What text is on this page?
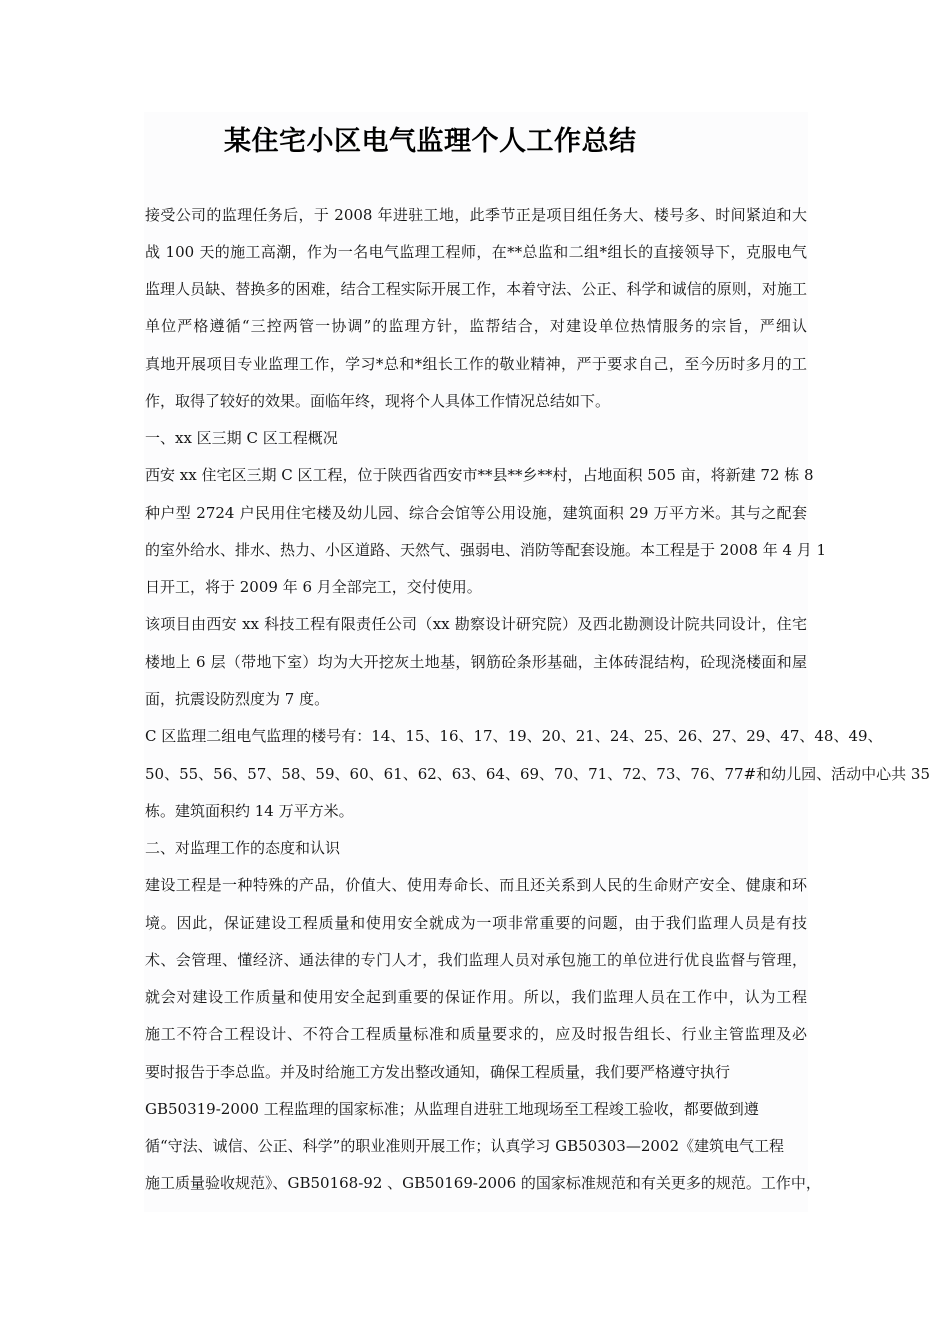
某住宅小区电气监理个人工作总结

接受公司的监理任务后，于 2008 年进驻工地，此季节正是项目组任务大、楼号多、时间紧迫和大

战 100 天的施工高潮，作为一名电气监理工程师，在**总监和二组*组长的直接领导下，克服电气

监理人员缺、替换多的困难，结合工程实际开展工作，本着守法、公正、科学和诚信的原则，对施工

单位严格遵循“三控两管一协调”的监理方针，监帮结合，对建设单位热情服务的宗旨，严细认

真地开展项目专业监理工作，学习*总和*组长工作的敬业精神，严于要求自己，至今历时多月的工

作，取得了较好的效果。面临年终，现将个人具体工作情况总结如下。

一、xx 区三期 C 区工程概况

西安 xx 住宅区三期 C 区工程，位于陕西省西安市**县**乡**村，占地面积 505 亩，将新建 72 栋 8

种户型 2724 户民用住宅楼及幼儿园、综合会馆等公用设施，建筑面积 29 万平方米。其与之配套

的室外给水、排水、热力、小区道路、天然气、强弱电、消防等配套设施。本工程是于 2008 年 4 月 1

日开工，将于 2009 年 6 月全部完工，交付使用。

该项目由西安 xx 科技工程有限责任公司（xx 勘察设计研究院）及西北勘测设计院共同设计，住宅

楼地上 6 层（带地下室）均为大开挖灰土地基，钢筋砼条形基础，主体砖混结构，砼现浇楼面和屋

面，抗震设防烈度为 7 度。

C 区监理二组电气监理的楼号有：14、15、16、17、19、20、21、24、25、26、27、29、47、48、49、

50、55、56、57、58、59、60、61、62、63、64、69、70、71、72、73、76、77#和幼儿园、活动中心共 35

栋。建筑面积约 14 万平方米。

二、对监理工作的态度和认识

建设工程是一种特殊的产品，价值大、使用寿命长、而且还关系到人民的生命财产安全、健康和环

境。因此，保证建设工程质量和使用安全就成为一项非常重要的问题，由于我们监理人员是有技

术、会管理、懂经济、通法律的专门人才，我们监理人员对承包施工的单位进行优良监督与管理，

就会对建设工作质量和使用安全起到重要的保证作用。所以，我们监理人员在工作中，认为工程

施工不符合工程设计、不符合工程质量标准和质量要求的，应及时报告组长、行业主管监理及必

要时报告于李总监。并及时给施工方发出整改通知，确保工程质量，我们要严格遵守执行

GB50319-2000 工程监理的国家标准；从监理自进驻工地现场至工程竣工验收，都要做到遵

循“守法、诚信、公正、科学”的职业准则开展工作；认真学习 GB50303—2002《建筑电气工程

施工质量验收规范》、GB50168-92 、GB50169-2006 的国家标准规范和有关更多的规范。工作中，
